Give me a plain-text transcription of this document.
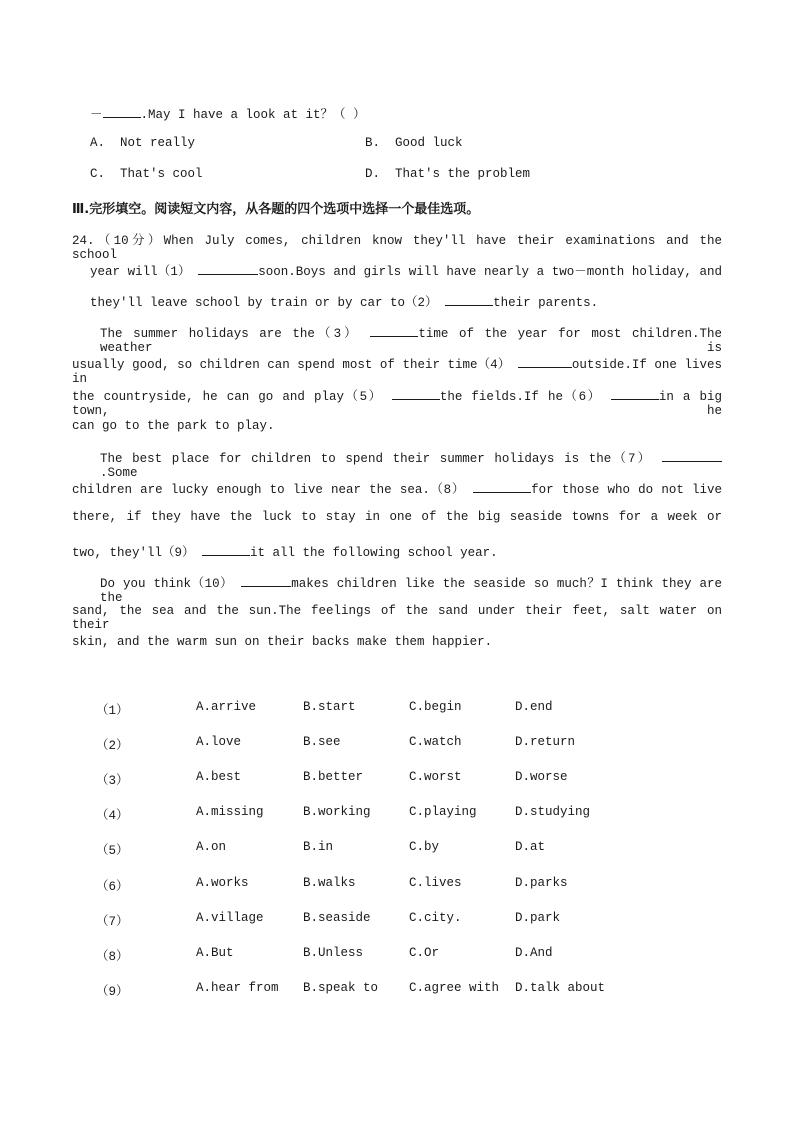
－	.May I have a look at it？（ ）
A. Not really	B. Good luck
C. That's cool	D. That's the problem
Ⅲ.完形填空。阅读短文内容，从各题的四个选项中选择一个最佳选项。
24.（10分）When July comes, children know they'll have their examinations and the school
year will（1）	soon.Boys and girls will have nearly a two－month holiday, and
they'll leave school by train or by car to（2）	their parents.
The summer holidays are the（3）	time of the year for most children.The weather is
usually good, so children can spend most of their time（4）	outside.If one lives in
the countryside, he can go and play（5）	the fields.If he（6）	in a big town, he
can go to the park to play.
The best place for children to spend their summer holidays is the（7） .Some
children are lucky enough to live near the sea.（8）	for those who do not live
there, if they have the luck to stay in one of the big seaside towns for a week or
two, they'll（9）	it all the following school year.
Do you think（10）	makes children like the seaside so much？I think they are the
sand, the sea and the sun.The feelings of the sand under their feet, salt water on their
skin, and the warm sun on their backs make them happier.
（1）	A.arrive	B.start	C.begin	D.end
（2）	A.love	B.see	C.watch	D.return
（3）	A.best	B.better	C.worst	D.worse
（4）	A.missing	B.working	C.playing	D.studying
（5）	A.on	B.in	C.by	D.at
（6）	A.works	B.walks	C.lives	D.parks
（7）	A.village	B.seaside	C.city.	D.park
（8）	A.But	B.Unless	C.Or	D.And
（9）	A.hear from B.speak to C.agree with D.talk about
